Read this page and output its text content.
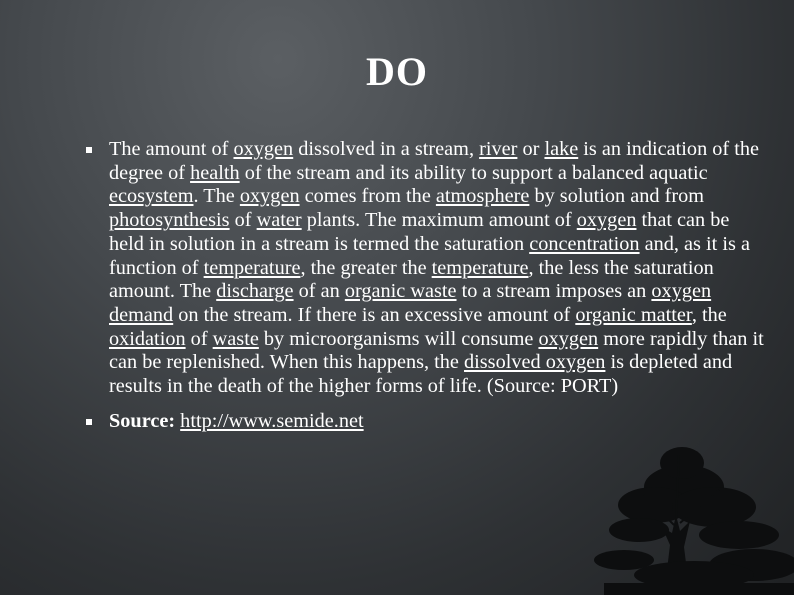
DO
The amount of oxygen dissolved in a stream, river or lake is an indication of the degree of health of the stream and its ability to support a balanced aquatic ecosystem. The oxygen comes from the atmosphere by solution and from photosynthesis of water plants. The maximum amount of oxygen that can be held in solution in a stream is termed the saturation concentration and, as it is a function of temperature, the greater the temperature, the less the saturation amount. The discharge of an organic waste to a stream imposes an oxygen demand on the stream. If there is an excessive amount of organic matter, the oxidation of waste by microorganisms will consume oxygen more rapidly than it can be replenished. When this happens, the dissolved oxygen is depleted and results in the death of the higher forms of life. (Source: PORT)
Source: http://www.semide.net
